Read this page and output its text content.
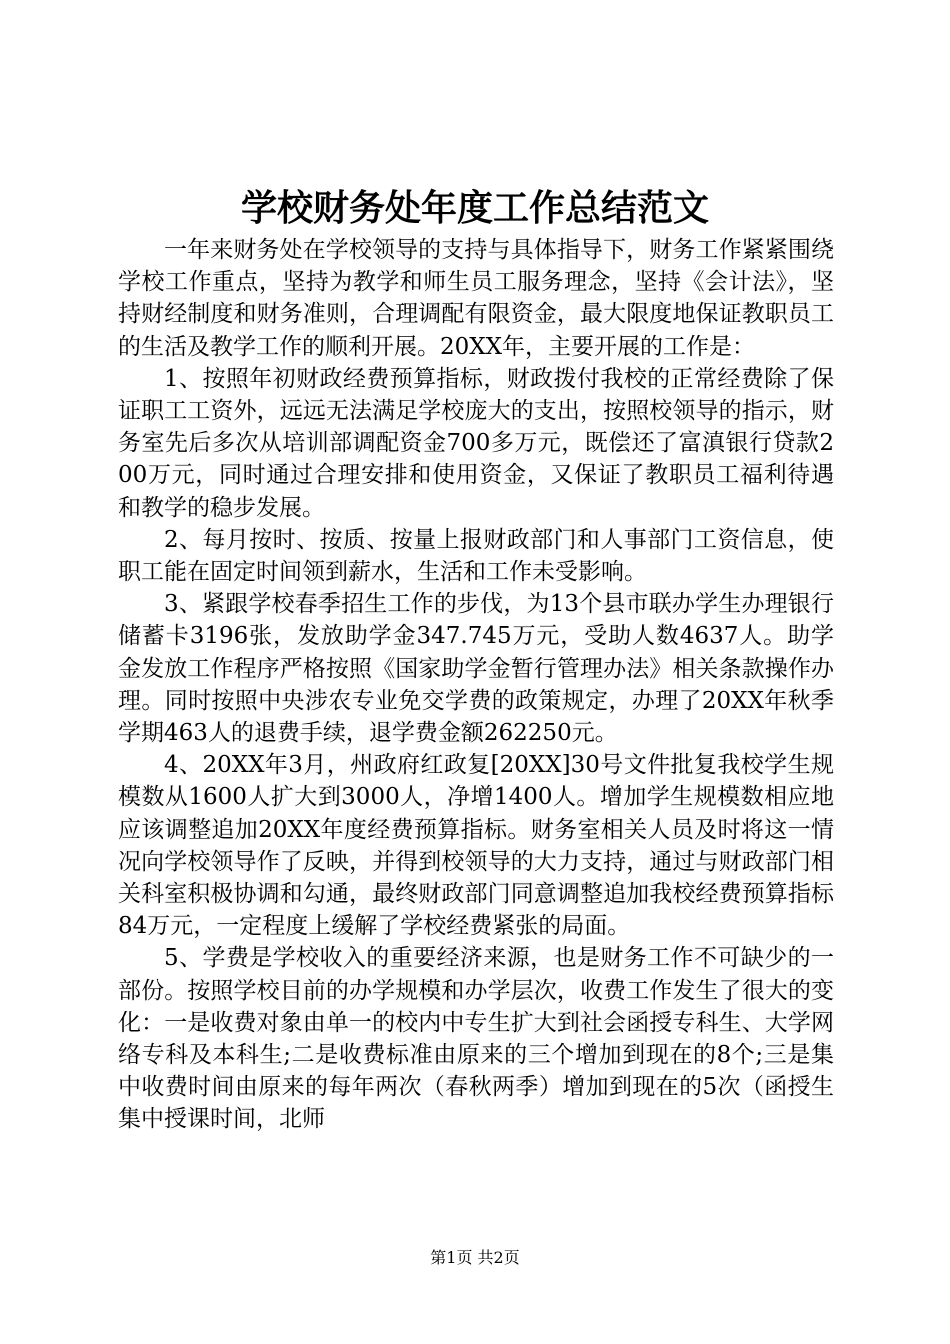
学校财务处年度工作总结范文

一年来财务处在学校领导的支持与具体指导下，财务工作紧紧围绕学校工作重点，坚持为教学和师生员工服务理念，坚持《会计法》，坚持财经制度和财务准则，合理调配有限资金，最大限度地保证教职员工的生活及教学工作的顺利开展。20XX年，主要开展的工作是：

1、按照年初财政经费预算指标，财政拨付我校的正常经费除了保证职工工资外，远远无法满足学校庞大的支出，按照校领导的指示，财务室先后多次从培训部调配资金700多万元，既偿还了富滇银行贷款200万元，同时通过合理安排和使用资金，又保证了教职员工福利待遇和教学的稳步发展。

2、每月按时、按质、按量上报财政部门和人事部门工资信息，使职工能在固定时间领到薪水，生活和工作未受影响。

3、紧跟学校春季招生工作的步伐，为13个县市联办学生办理银行储蓄卡3196张，发放助学金347.745万元，受助人数4637人。助学金发放工作程序严格按照《国家助学金暂行管理办法》相关条款操作办理。同时按照中央涉农专业免交学费的政策规定，办理了20XX年秋季学期463人的退费手续，退学费金额262250元。

4、20XX年3月，州政府红政复[20XX]30号文件批复我校学生规模数从1600人扩大到3000人，净增1400人。增加学生规模数相应地应该调整追加20XX年度经费预算指标。财务室相关人员及时将这一情况向学校领导作了反映，并得到校领导的大力支持，通过与财政部门相关科室积极协调和勾通，最终财政部门同意调整追加我校经费预算指标84万元，一定程度上缓解了学校经费紧张的局面。

5、学费是学校收入的重要经济来源，也是财务工作不可缺少的一部份。按照学校目前的办学规模和办学层次，收费工作发生了很大的变化：一是收费对象由单一的校内中专生扩大到社会函授专科生、大学网络专科及本科生;二是收费标准由原来的三个增加到现在的8个;三是集中收费时间由原来的每年两次（春秋两季）增加到现在的5次（函授生集中授课时间，北师

第1页 共2页
